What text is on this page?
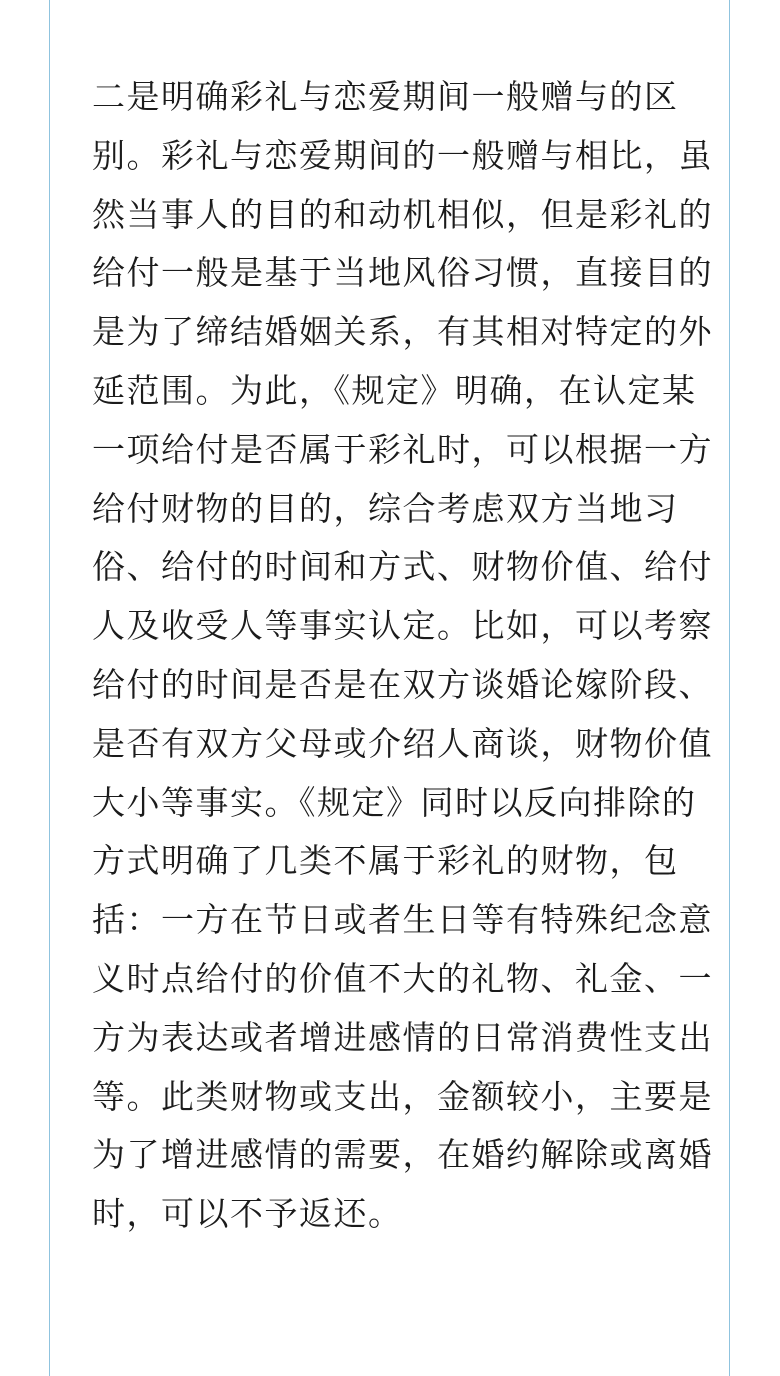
二是明确彩礼与恋爱期间一般赠与的区
别。彩礼与恋爱期间的一般赠与相比，虽
然当事人的目的和动机相似，但是彩礼的
给付一般是基于当地风俗习惯，直接目的
是为了缔结婚姻关系，有其相对特定的外
延范围。为此，《规定》明确，在认定某
一项给付是否属于彩礼时，可以根据一方
给付财物的目的，综合考虑双方当地习
俗、给付的时间和方式、财物价值、给付
人及收受人等事实认定。比如，可以考察
给付的时间是否是在双方谈婚论嫁阶段、
是否有双方父母或介绍人商谈，财物价值
大小等事实。《规定》同时以反向排除的
方式明确了几类不属于彩礼的财物，包
括：一方在节日或者生日等有特殊纪念意
义时点给付的价值不大的礼物、礼金、一
方为表达或者增进感情的日常消费性支出
等。此类财物或支出，金额较小，主要是
为了增进感情的需要，在婚约解除或离婚
时，可以不予返还。
